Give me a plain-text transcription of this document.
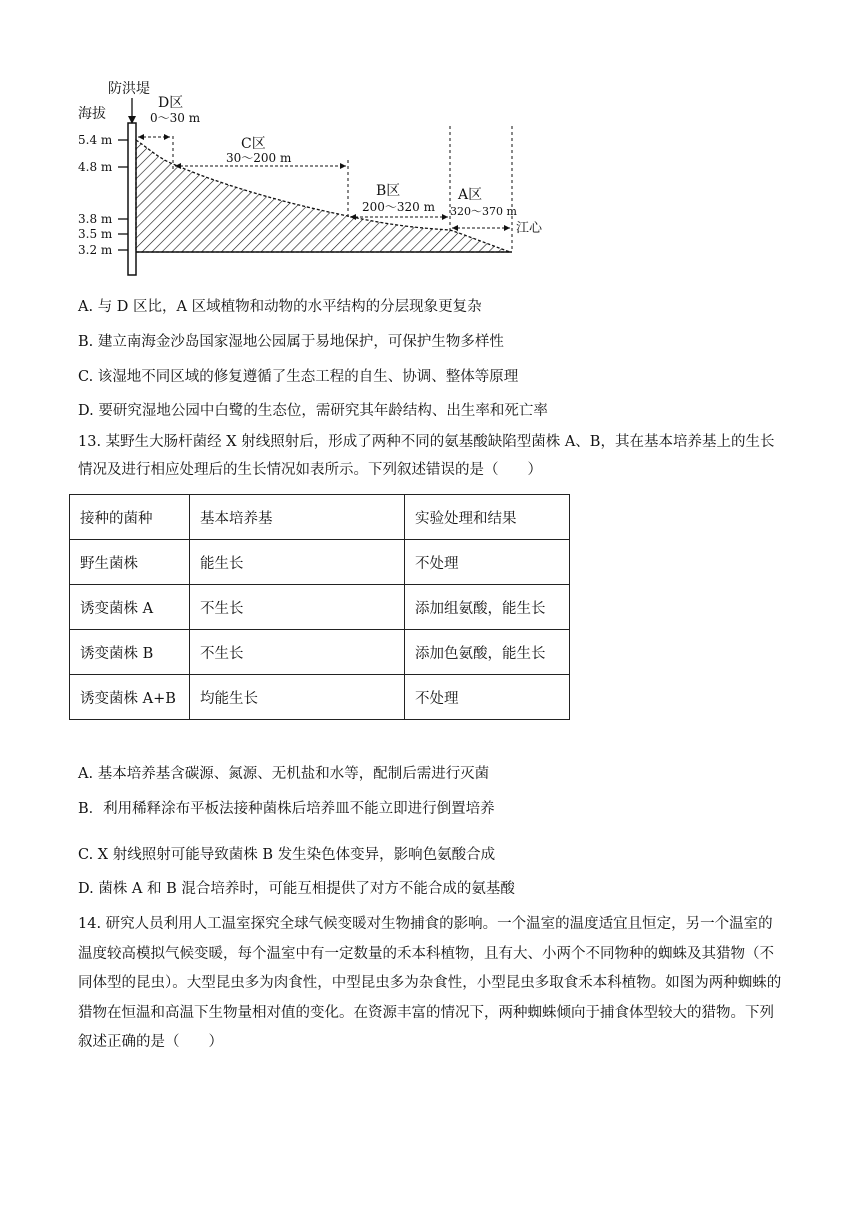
防洪堤
海拔
5.4 m
4.8 m
3.8 m
3.5 m
3.2 m
D区
0～30 m
C区
30～200 m
B区
200～320 m
A区
320～370 m
江心
A. 与 D 区比，A 区域植物和动物的水平结构的分层现象更复杂
B. 建立南海金沙岛国家湿地公园属于易地保护，可保护生物多样性
C. 该湿地不同区域的修复遵循了生态工程的自生、协调、整体等原理
D. 要研究湿地公园中白鹭的生态位，需研究其年龄结构、出生率和死亡率
13. 某野生大肠杆菌经 X 射线照射后，形成了两种不同的氨基酸缺陷型菌株 A、B，其在基本培养基上的生长情况及进行相应处理后的生长情况如表所示。下列叙述错误的是（　　）
接种的菌种	基本培养基	实验处理和结果
野生菌株	能生长	不处理
诱变菌株 A	不生长	添加组氨酸，能生长
诱变菌株 B	不生长	添加色氨酸，能生长
诱变菌株 A+B	均能生长	不处理
A. 基本培养基含碳源、氮源、无机盐和水等，配制后需进行灭菌
B．利用稀释涂布平板法接种菌株后培养皿不能立即进行倒置培养
C. X 射线照射可能导致菌株 B 发生染色体变异，影响色氨酸合成
D. 菌株 A 和 B 混合培养时，可能互相提供了对方不能合成的氨基酸
14. 研究人员利用人工温室探究全球气候变暖对生物捕食的影响。一个温室的温度适宜且恒定，另一个温室的温度较高模拟气候变暖，每个温室中有一定数量的禾本科植物，且有大、小两个不同物种的蜘蛛及其猎物（不同体型的昆虫）。大型昆虫多为肉食性，中型昆虫多为杂食性，小型昆虫多取食禾本科植物。如图为两种蜘蛛的猎物在恒温和高温下生物量相对值的变化。在资源丰富的情况下，两种蜘蛛倾向于捕食体型较大的猎物。下列叙述正确的是（　　）
